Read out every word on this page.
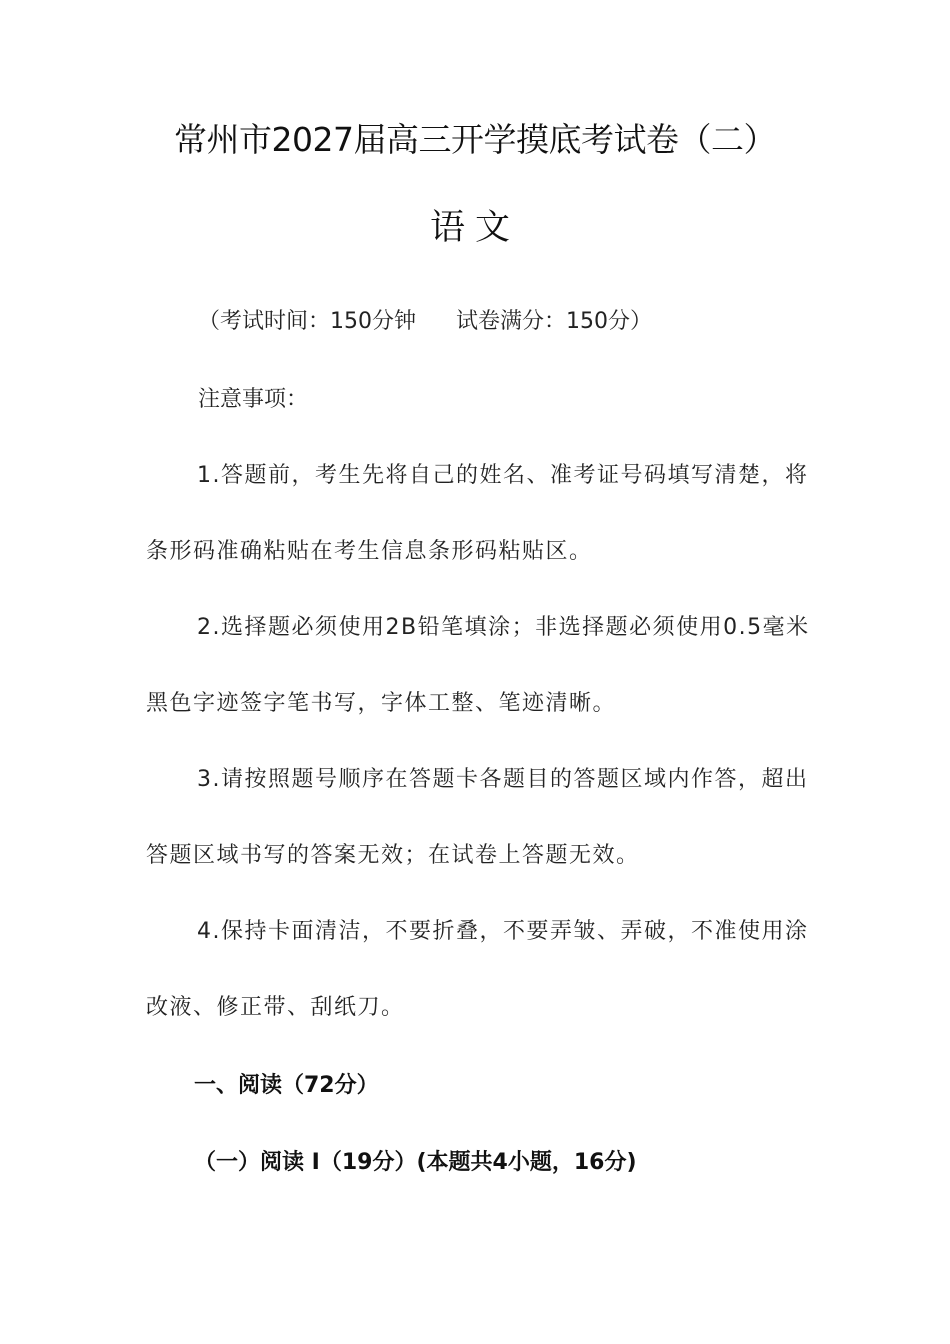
常州市2027届高三开学摸底考试卷（二）
语文
（考试时间：150分钟 试卷满分：150分）
注意事项：

1.答题前，考生先将自己的姓名、准考证号码填写清楚，将条形码准确粘贴在考生信息条形码粘贴区。

2.选择题必须使用2B铅笔填涂；非选择题必须使用0.5毫米黑色字迹签字笔书写，字体工整、笔迹清晰。

3.请按照题号顺序在答题卡各题目的答题区域内作答，超出答题区域书写的答案无效；在试卷上答题无效。

4.保持卡面清洁，不要折叠，不要弄皱、弄破，不准使用涂改液、修正带、刮纸刀。

一、阅读（72分）
（一）阅读 I（19分）(本题共4小题，16分)
